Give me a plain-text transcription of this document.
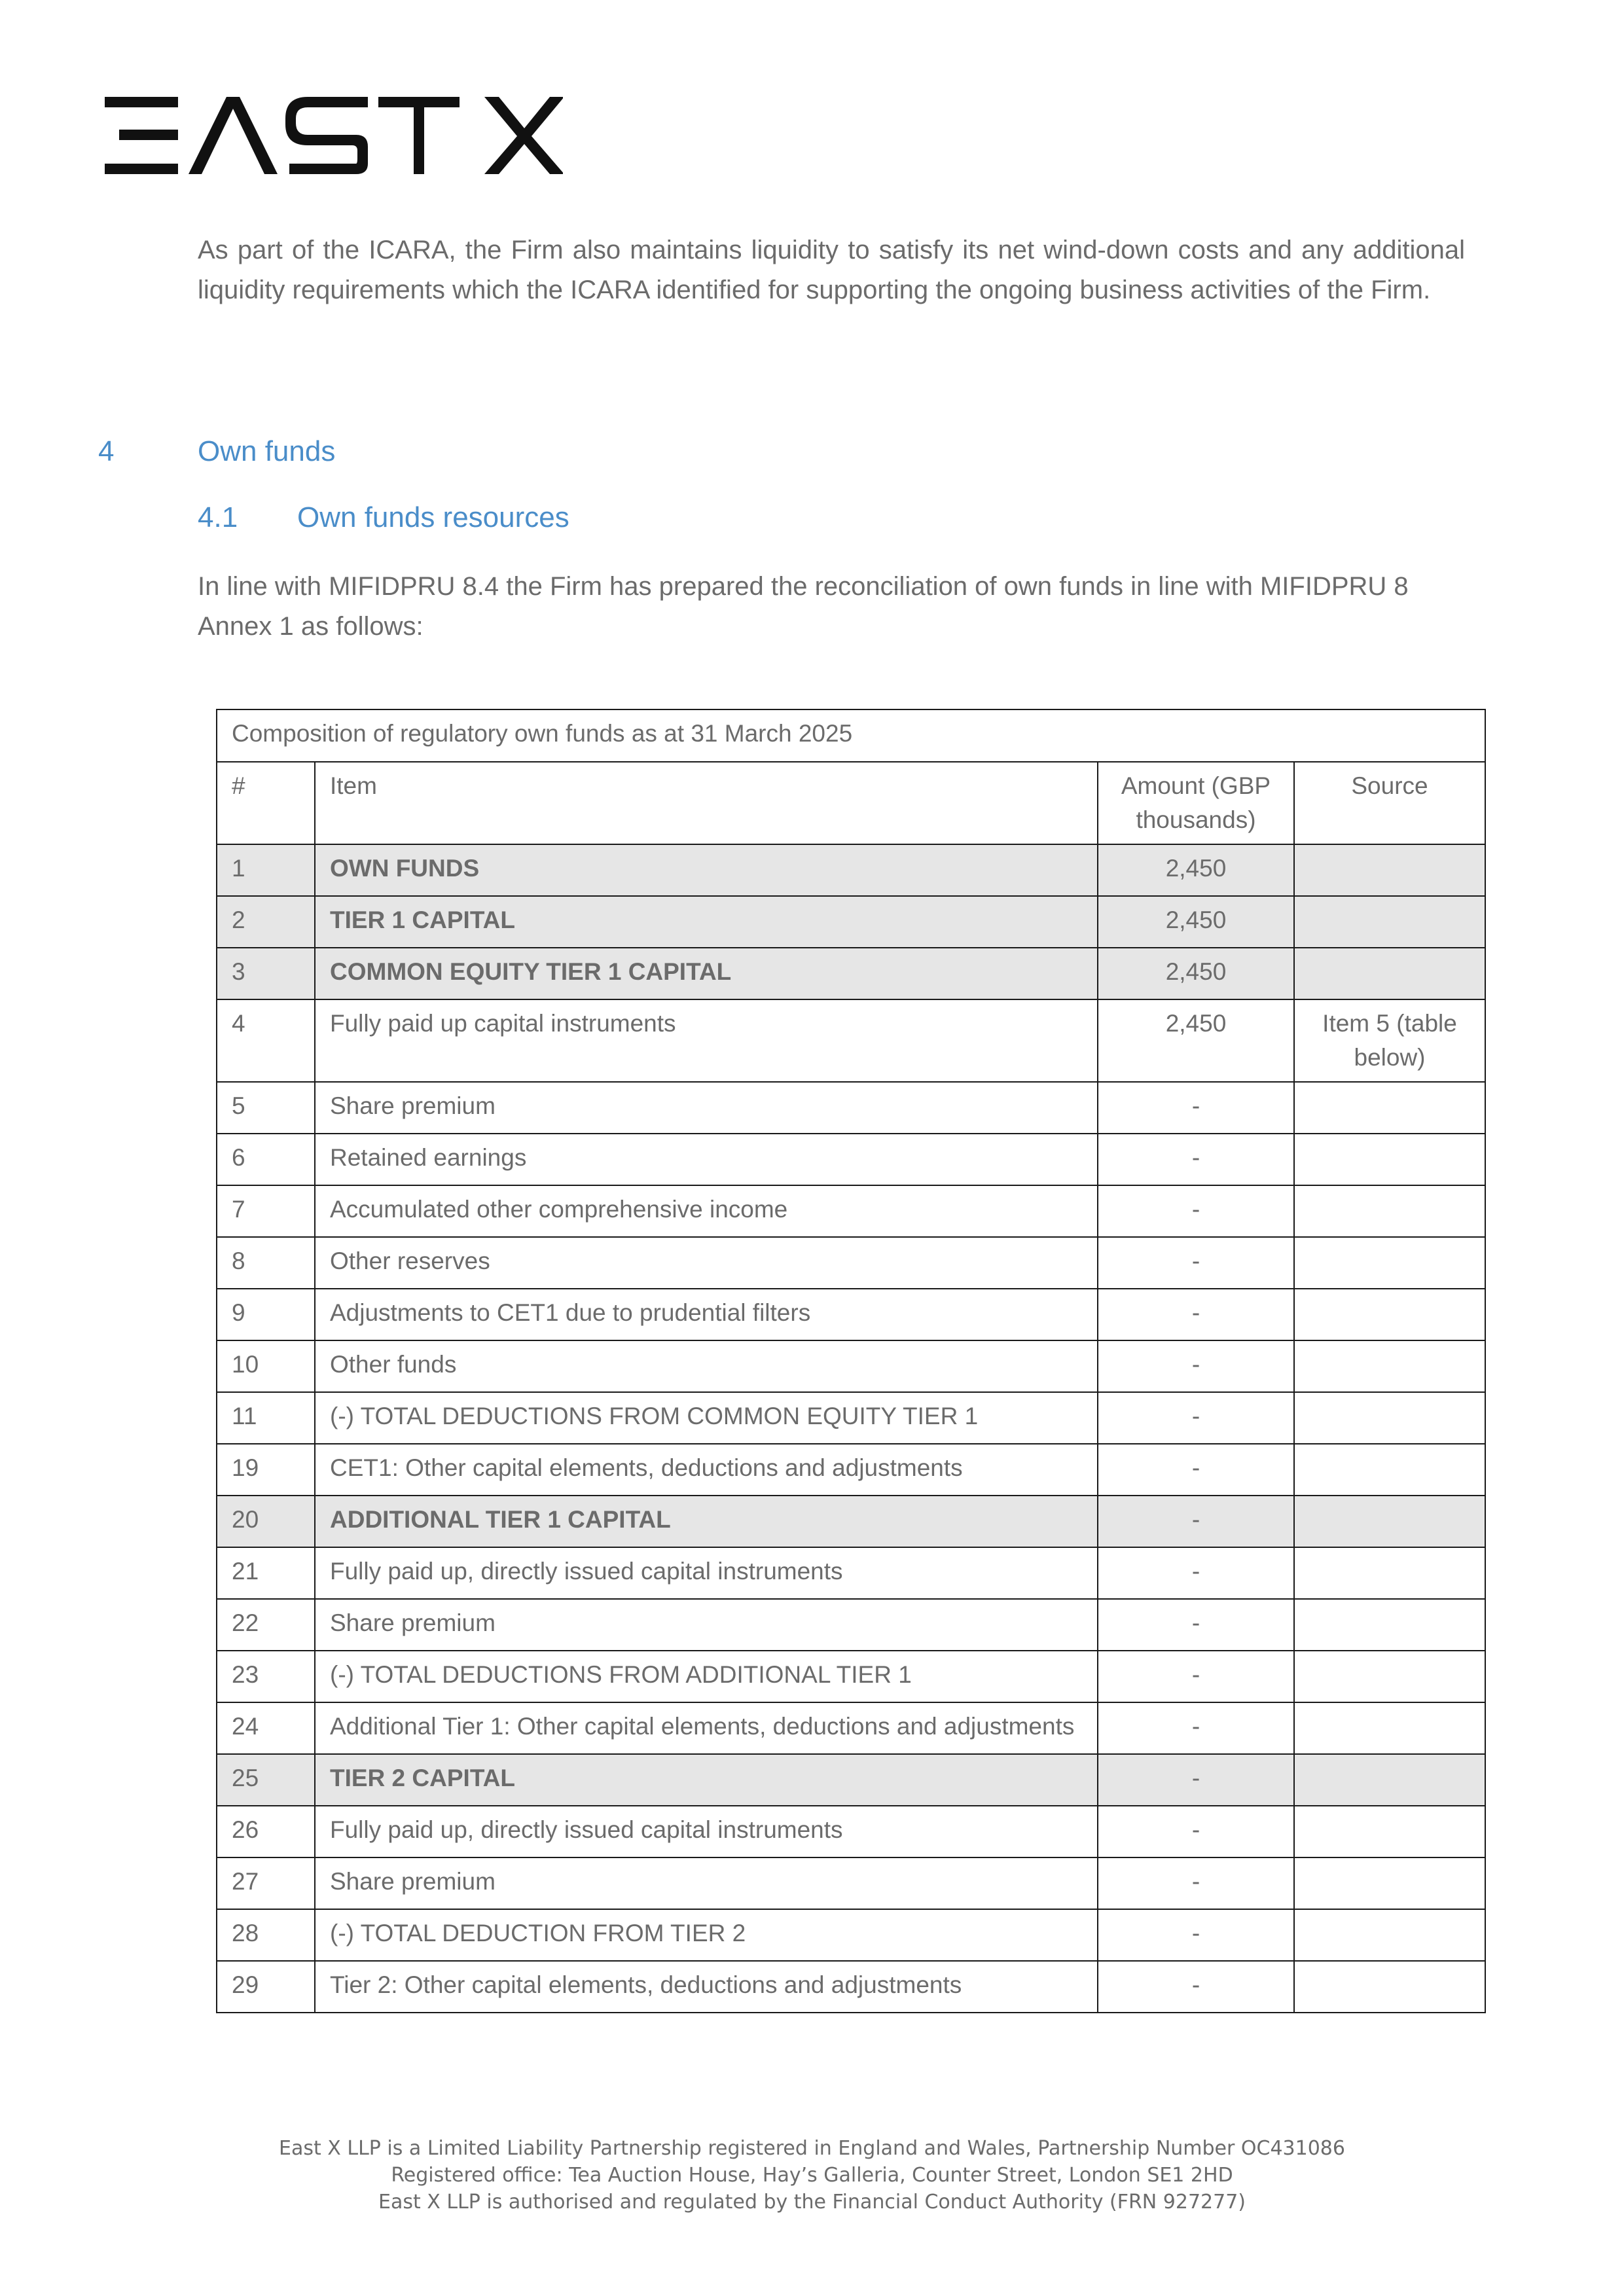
As part of the ICARA, the Firm also maintains liquidity to satisfy its net wind-down costs and any additional liquidity requirements which the ICARA identified for supporting the ongoing business activities of the Firm.

4	Own funds
4.1 Own funds resources

In line with MIFIDPRU 8.4 the Firm has prepared the reconciliation of own funds in line with MIFIDPRU 8 Annex 1 as follows:

Composition of regulatory own funds as at 31 March 2025			
#	Item	Amount (GBP thousands)	Source
1	OWN FUNDS	2,450	
2	TIER 1 CAPITAL	2,450	
3	COMMON EQUITY TIER 1 CAPITAL	2,450	
4	Fully paid up capital instruments	2,450	Item 5 (table below)
5	Share premium	-	
6	Retained earnings	-	
7	Accumulated other comprehensive income	-	
8	Other reserves	-	
9	Adjustments to CET1 due to prudential filters	-	
10	Other funds	-	
11	(-) TOTAL DEDUCTIONS FROM COMMON EQUITY TIER 1	-	
19	CET1: Other capital elements, deductions and adjustments	-	
20	ADDITIONAL TIER 1 CAPITAL	-	
21	Fully paid up, directly issued capital instruments	-	
22	Share premium	-	
23	(-) TOTAL DEDUCTIONS FROM ADDITIONAL TIER 1	-	
24	Additional Tier 1: Other capital elements, deductions and adjustments	-	
25	TIER 2 CAPITAL	-	
26	Fully paid up, directly issued capital instruments	-	
27	Share premium	-	
28	(-) TOTAL DEDUCTION FROM TIER 2	-	
29	Tier 2: Other capital elements, deductions and adjustments	-	
East X LLP is a Limited Liability Partnership registered in England and Wales, Partnership Number OC431086
Registered office: Tea Auction House, Hay’s Galleria, Counter Street, London SE1 2HD
East X LLP is authorised and regulated by the Financial Conduct Authority (FRN 927277)
